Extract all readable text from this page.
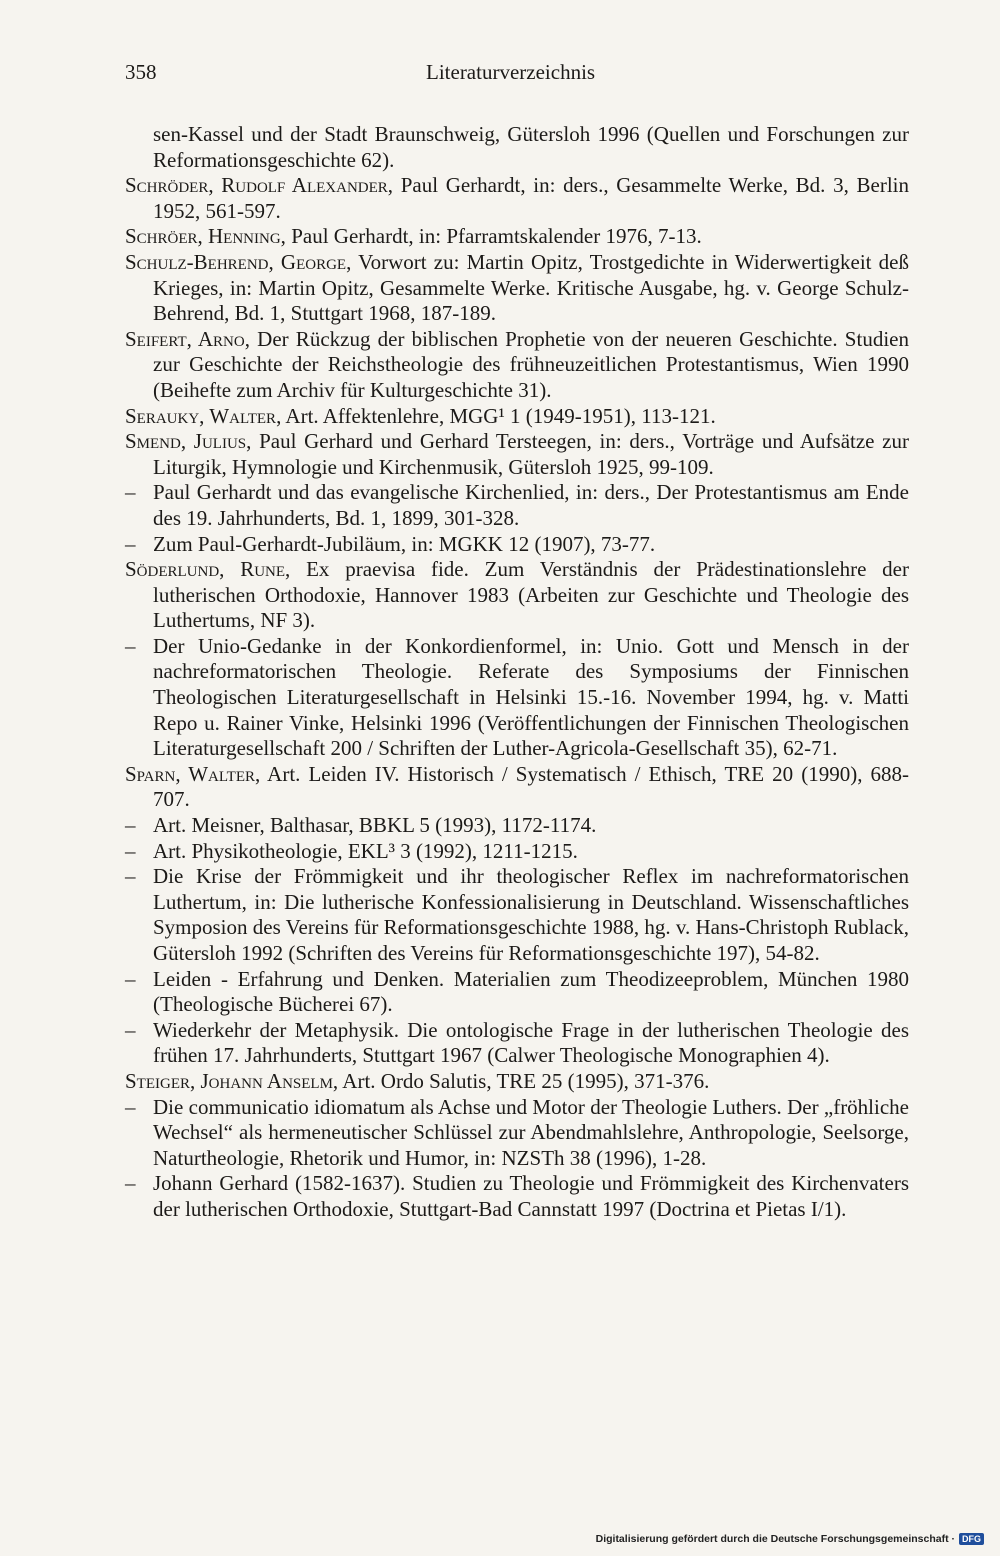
358	Literaturverzeichnis

sen-Kassel und der Stadt Braunschweig, Gütersloh 1996 (Quellen und Forschungen zur Reformationsgeschichte 62).

Schröder, Rudolf Alexander, Paul Gerhardt, in: ders., Gesammelte Werke, Bd. 3, Berlin 1952, 561-597.

Schröer, Henning, Paul Gerhardt, in: Pfarramtskalender 1976, 7-13.

Schulz-Behrend, George, Vorwort zu: Martin Opitz, Trostgedichte in Widerwertigkeit deß Krieges, in: Martin Opitz, Gesammelte Werke. Kritische Ausgabe, hg. v. George Schulz-Behrend, Bd. 1, Stuttgart 1968, 187-189.

Seifert, Arno, Der Rückzug der biblischen Prophetie von der neueren Geschichte. Studien zur Geschichte der Reichstheologie des frühneuzeitlichen Protestantismus, Wien 1990 (Beihefte zum Archiv für Kulturgeschichte 31).

Serauky, Walter, Art. Affektenlehre, MGG¹ 1 (1949-1951), 113-121.

Smend, Julius, Paul Gerhard und Gerhard Tersteegen, in: ders., Vorträge und Aufsätze zur Liturgik, Hymnologie und Kirchenmusik, Gütersloh 1925, 99-109.

– Paul Gerhardt und das evangelische Kirchenlied, in: ders., Der Protestantismus am Ende des 19. Jahrhunderts, Bd. 1, 1899, 301-328.

– Zum Paul-Gerhardt-Jubiläum, in: MGKK 12 (1907), 73-77.

Söderlund, Rune, Ex praevisa fide. Zum Verständnis der Prädestinationslehre der lutherischen Orthodoxie, Hannover 1983 (Arbeiten zur Geschichte und Theologie des Luthertums, NF 3).

– Der Unio-Gedanke in der Konkordienformel, in: Unio. Gott und Mensch in der nachreformatorischen Theologie. Referate des Symposiums der Finnischen Theologischen Literaturgesellschaft in Helsinki 15.-16. November 1994, hg. v. Matti Repo u. Rainer Vinke, Helsinki 1996 (Veröffentlichungen der Finnischen Theologischen Literaturgesellschaft 200 / Schriften der Luther-Agricola-Gesellschaft 35), 62-71.

Sparn, Walter, Art. Leiden IV. Historisch / Systematisch / Ethisch, TRE 20 (1990), 688-707.

– Art. Meisner, Balthasar, BBKL 5 (1993), 1172-1174.

– Art. Physikotheologie, EKL³ 3 (1992), 1211-1215.

– Die Krise der Frömmigkeit und ihr theologischer Reflex im nachreformatorischen Luthertum, in: Die lutherische Konfessionalisierung in Deutschland. Wissenschaftliches Symposion des Vereins für Reformationsgeschichte 1988, hg. v. Hans-Christoph Rublack, Gütersloh 1992 (Schriften des Vereins für Reformationsgeschichte 197), 54-82.

– Leiden - Erfahrung und Denken. Materialien zum Theodizeeproblem, München 1980 (Theologische Bücherei 67).

– Wiederkehr der Metaphysik. Die ontologische Frage in der lutherischen Theologie des frühen 17. Jahrhunderts, Stuttgart 1967 (Calwer Theologische Monographien 4).

Steiger, Johann Anselm, Art. Ordo Salutis, TRE 25 (1995), 371-376.

– Die communicatio idiomatum als Achse und Motor der Theologie Luthers. Der „fröhliche Wechsel“ als hermeneutischer Schlüssel zur Abendmahlslehre, Anthropologie, Seelsorge, Naturtheologie, Rhetorik und Humor, in: NZSTh 38 (1996), 1-28.

– Johann Gerhard (1582-1637). Studien zu Theologie und Frömmigkeit des Kirchenvaters der lutherischen Orthodoxie, Stuttgart-Bad Cannstatt 1997 (Doctrina et Pietas I/1).

Digitalisierung gefördert durch die Deutsche Forschungsgemeinschaft · DFG
